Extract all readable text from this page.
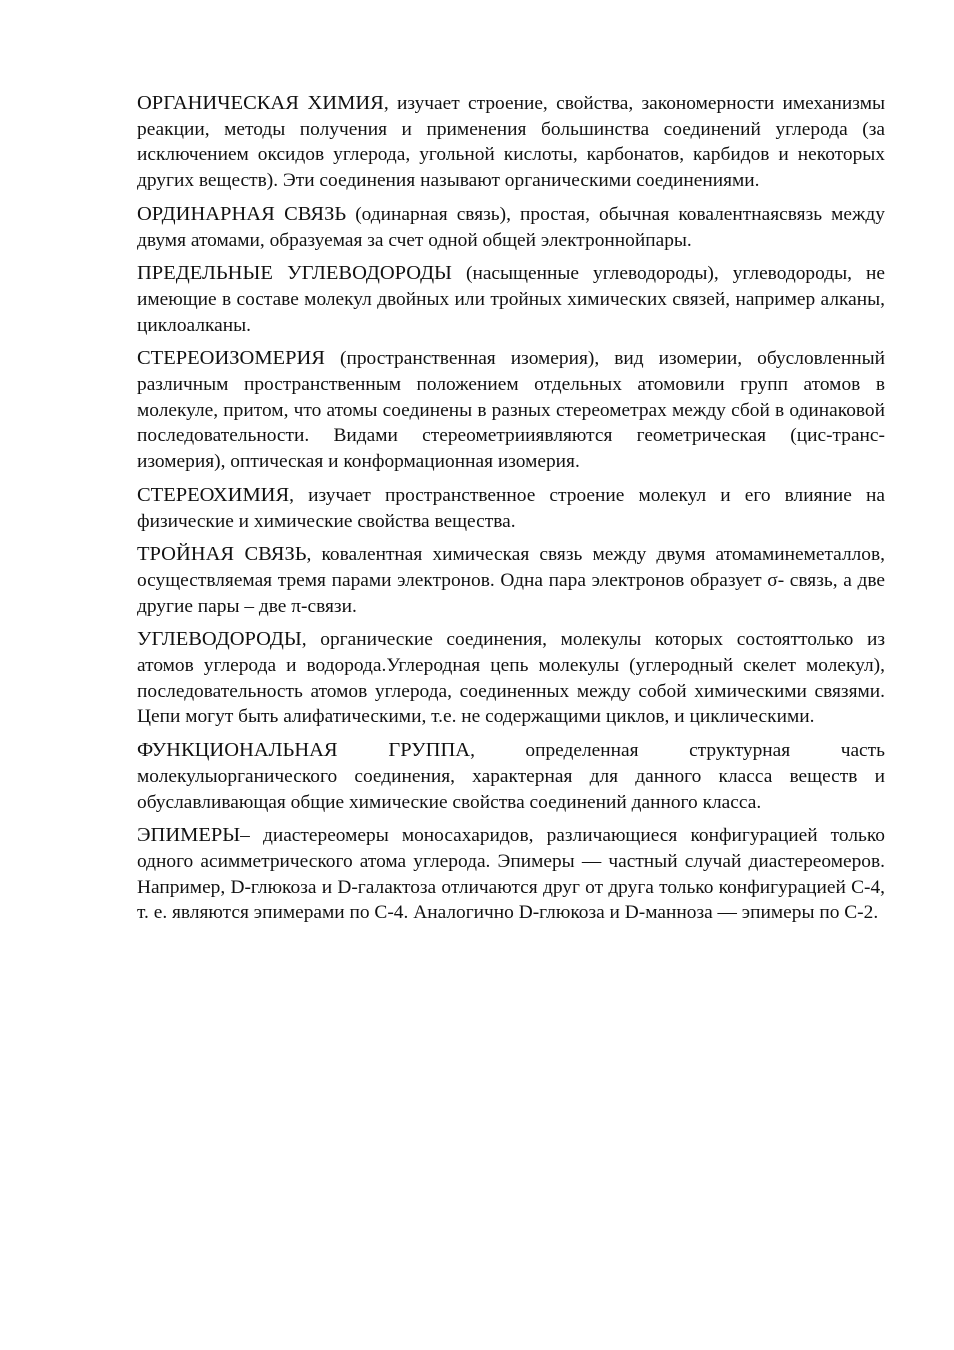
ОРГАНИЧЕСКАЯ ХИМИЯ, изучает строение, свойства, закономерности имеханизмы реакции, методы получения и применения большинства соединений углерода (за исключением оксидов углерода, угольной кислоты, карбонатов, карбидов и некоторых других веществ). Эти соединения называют органическими соединениями.

ОРДИНАРНАЯ СВЯЗЬ (одинарная связь), простая, обычная ковалентнаясвязь между двумя атомами, образуемая за счет одной общей электроннойпары.

ПРЕДЕЛЬНЫЕ УГЛЕВОДОРОДЫ (насыщенные углеводороды), углеводороды, не имеющие в составе молекул двойных или тройных химических связей, например алканы, циклоалканы.

СТЕРЕОИЗОМЕРИЯ (пространственная изомерия), вид изомерии, обусловленный различным пространственным положением отдельных атомовили групп атомов в молекуле, притом, что атомы соединены в разных стереометрах между сбой в одинаковой последовательности. Видами стереометрииявляются геометрическая (цис-транс-изомерия), оптическая и конформационная изомерия.

СТЕРЕОХИМИЯ, изучает пространственное строение молекул и его влияние на физические и химические свойства вещества.

ТРОЙНАЯ СВЯЗЬ, ковалентная химическая связь между двумя атомаминеметаллов, осуществляемая тремя парами электронов. Одна пара электронов образует σ- связь, а две другие пары – две π-связи.

УГЛЕВОДОРОДЫ, органические соединения, молекулы которых состояттолько из атомов углерода и водорода.Углеродная цепь молекулы (углеродный скелет молекул), последовательность атомов углерода, соединенных между собой химическими связями. Цепи могут быть алифатическими, т.е. не содержащими циклов, и циклическими.

ФУНКЦИОНАЛЬНАЯ ГРУППА, определенная структурная часть молекулыорганического соединения, характерная для данного класса веществ и обуславливающая общие химические свойства соединений данного класса.

ЭПИМЕРЫ– диастереомеры моносахаридов, различающиеся конфигурацией только одного асимметрического атома углерода. Эпимеры — частный случай диастереомеров. Например, D-глюкоза и D-галактоза отличаются друг от друга только конфигурацией С-4, т. е. являются эпимерами по С-4. Аналогично D-глюкоза и D-манноза — эпимеры по С-2.
